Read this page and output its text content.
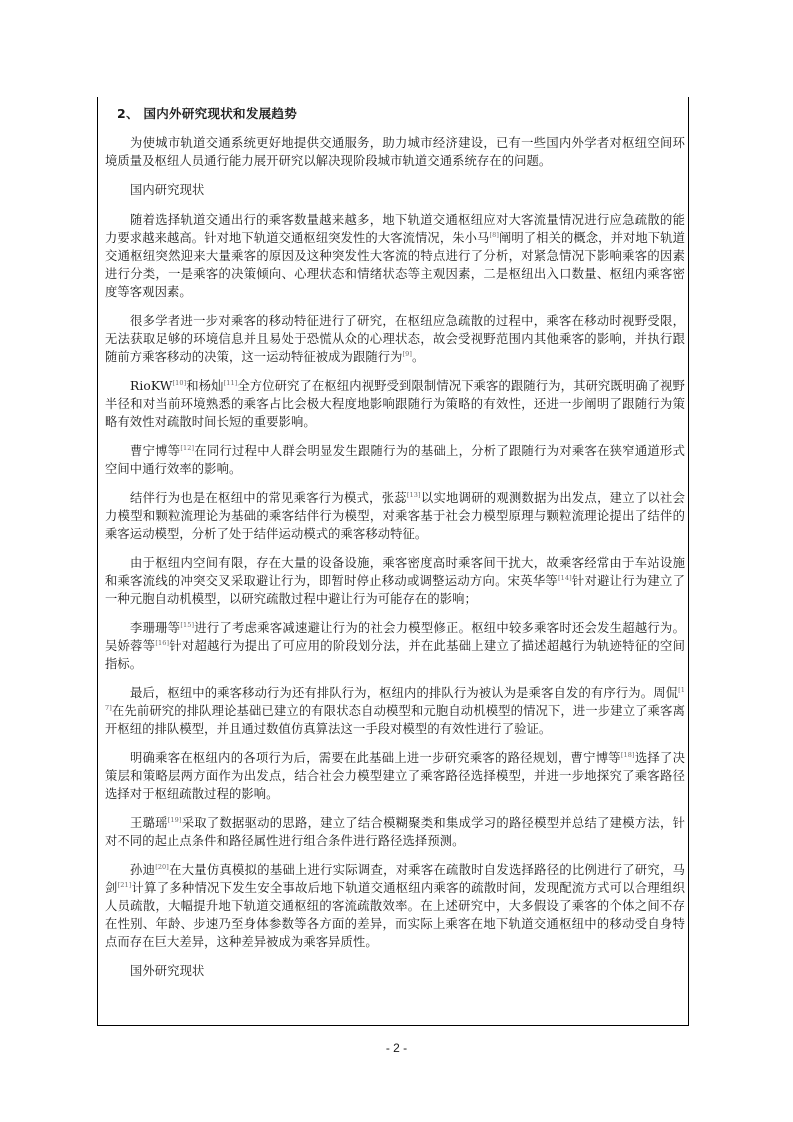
2、 国内外研究现状和发展趋势

为使城市轨道交通系统更好地提供交通服务，助力城市经济建设，已有一些国内外学者对枢纽空间环境质量及枢纽人员通行能力展开研究以解决现阶段城市轨道交通系统存在的问题。

国内研究现状

随着选择轨道交通出行的乘客数量越来越多，地下轨道交通枢纽应对大客流量情况进行应急疏散的能力要求越来越高。针对地下轨道交通枢纽突发性的大客流情况，朱小马[8]阐明了相关的概念，并对地下轨道交通枢纽突然迎来大量乘客的原因及这种突发性大客流的特点进行了分析，对紧急情况下影响乘客的因素进行分类，一是乘客的决策倾向、心理状态和情绪状态等主观因素，二是枢纽出入口数量、枢纽内乘客密度等客观因素。

很多学者进一步对乘客的移动特征进行了研究，在枢纽应急疏散的过程中，乘客在移动时视野受限，无法获取足够的环境信息并且易处于恐慌从众的心理状态，故会受视野范围内其他乘客的影响，并执行跟随前方乘客移动的决策，这一运动特征被成为跟随行为[9]。

RioKW[10]和杨灿[11]全方位研究了在枢纽内视野受到限制情况下乘客的跟随行为，其研究既明确了视野半径和对当前环境熟悉的乘客占比会极大程度地影响跟随行为策略的有效性，还进一步阐明了跟随行为策略有效性对疏散时间长短的重要影响。

曹宁博等[12]在同行过程中人群会明显发生跟随行为的基础上，分析了跟随行为对乘客在狭窄通道形式空间中通行效率的影响。

结伴行为也是在枢纽中的常见乘客行为模式，张蕊[13]以实地调研的观测数据为出发点，建立了以社会力模型和颗粒流理论为基础的乘客结伴行为模型，对乘客基于社会力模型原理与颗粒流理论提出了结伴的乘客运动模型，分析了处于结伴运动模式的乘客移动特征。

由于枢纽内空间有限，存在大量的设备设施，乘客密度高时乘客间干扰大，故乘客经常由于车站设施和乘客流线的冲突交叉采取避让行为，即暂时停止移动或调整运动方向。宋英华等[14]针对避让行为建立了一种元胞自动机模型，以研究疏散过程中避让行为可能存在的影响；

李珊珊等[15]进行了考虑乘客减速避让行为的社会力模型修正。枢纽中较多乘客时还会发生超越行为。吴娇蓉等[16]针对超越行为提出了可应用的阶段划分法，并在此基础上建立了描述超越行为轨迹特征的空间指标。

最后，枢纽中的乘客移动行为还有排队行为，枢纽内的排队行为被认为是乘客自发的有序行为。周侃[17]在先前研究的排队理论基础已建立的有限状态自动模型和元胞自动机模型的情况下，进一步建立了乘客离开枢纽的排队模型，并且通过数值仿真算法这一手段对模型的有效性进行了验证。

明确乘客在枢纽内的各项行为后，需要在此基础上进一步研究乘客的路径规划，曹宁博等[18]选择了决策层和策略层两方面作为出发点，结合社会力模型建立了乘客路径选择模型，并进一步地探究了乘客路径选择对于枢纽疏散过程的影响。

王璐瑶[19]采取了数据驱动的思路，建立了结合模糊聚类和集成学习的路径模型并总结了建模方法，针对不同的起止点条件和路径属性进行组合条件进行路径选择预测。

孙迪[20]在大量仿真模拟的基础上进行实际调查，对乘客在疏散时自发选择路径的比例进行了研究，马剑[21]计算了多种情况下发生安全事故后地下轨道交通枢纽内乘客的疏散时间，发现配流方式可以合理组织人员疏散，大幅提升地下轨道交通枢纽的客流疏散效率。在上述研究中，大多假设了乘客的个体之间不存在性别、年龄、步速乃至身体参数等各方面的差异，而实际上乘客在地下轨道交通枢纽中的移动受自身特点而存在巨大差异，这种差异被成为乘客异质性。

国外研究现状

- 2 -
